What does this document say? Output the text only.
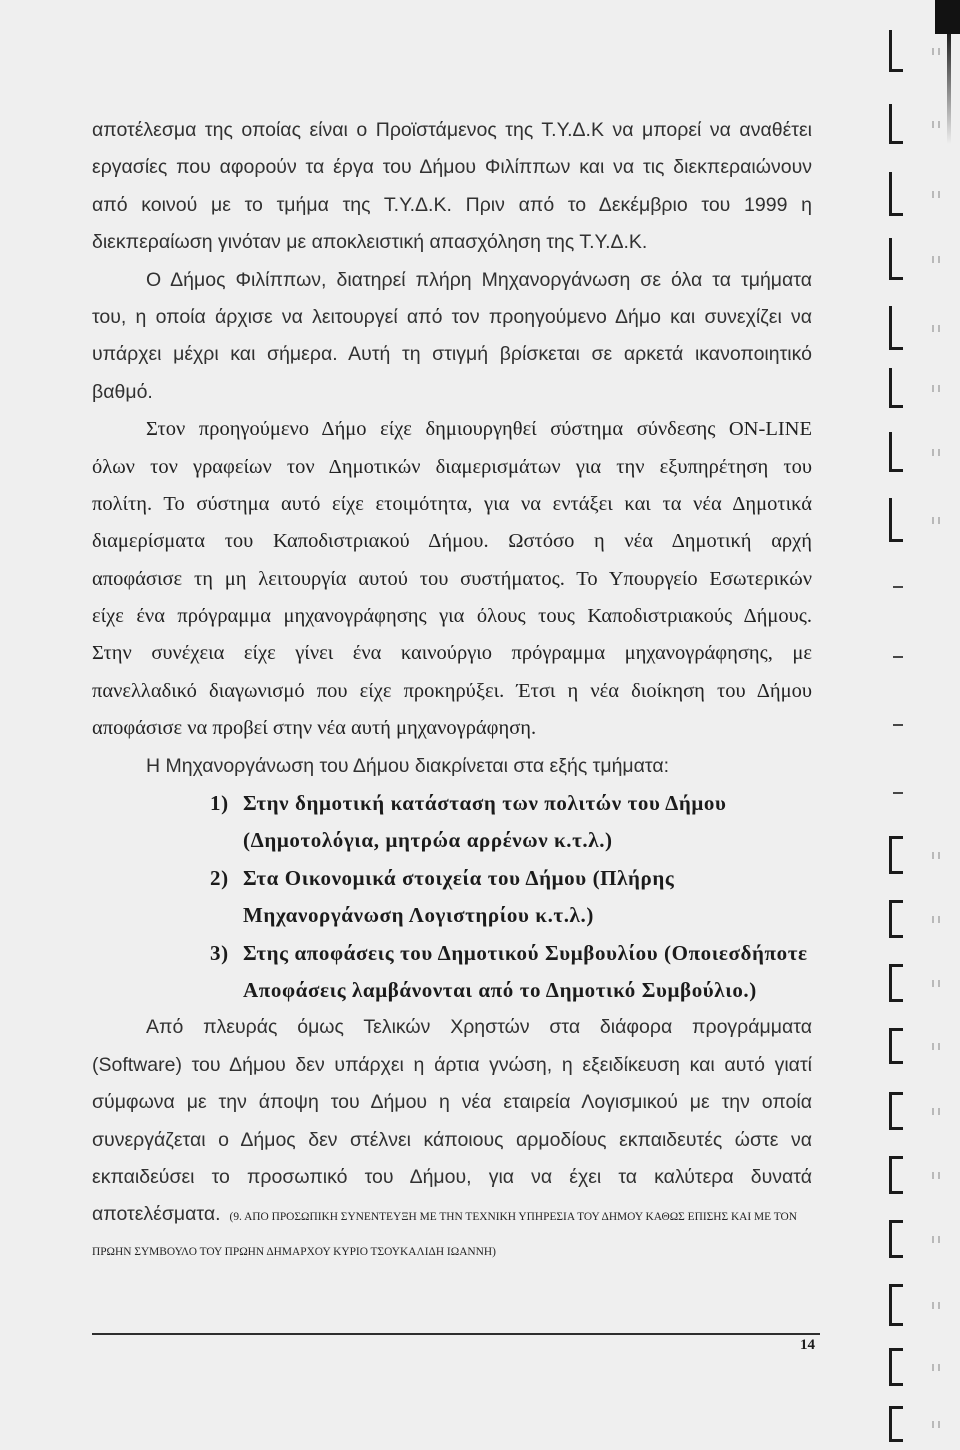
αποτέλεσμα της οποίας είναι ο Προϊστάμενος της Τ.Υ.Δ.Κ να μπορεί να αναθέτει
εργασίες που αφορούν τα έργα του Δήμου Φιλίππων και να τις διεκπεραιώνουν
από κοινού με το τμήμα της Τ.Υ.Δ.Κ. Πριν από το Δεκέμβριο του 1999 η
διεκπεραίωση γινόταν με αποκλειστική απασχόληση της Τ.Υ.Δ.Κ.
Ο Δήμος Φιλίππων, διατηρεί πλήρη Μηχανοργάνωση σε όλα τα τμήματα
του, η οποία άρχισε να λειτουργεί από τον προηγούμενο Δήμο και συνεχίζει να
υπάρχει μέχρι και σήμερα. Αυτή τη στιγμή βρίσκεται σε αρκετά ικανοποιητικό
βαθμό.
Στον προηγούμενο Δήμο είχε δημιουργηθεί σύστημα σύνδεσης ON-LINE
όλων τον γραφείων τον Δημοτικών διαμερισμάτων για την εξυπηρέτηση του
πολίτη. Το σύστημα αυτό είχε ετοιμότητα, για να εντάξει και τα νέα Δημοτικά
διαμερίσματα του Καποδιστριακού Δήμου. Ωστόσο η νέα Δημοτική αρχή
αποφάσισε τη μη λειτουργία αυτού του συστήματος. Το Υπουργείο Εσωτερικών
είχε ένα πρόγραμμα μηχανογράφησης για όλους τους Καποδιστριακούς Δήμους.
Στην συνέχεια είχε γίνει ένα καινούργιο πρόγραμμα μηχανογράφησης, με
πανελλαδικό διαγωνισμό που είχε προκηρύξει. Έτσι η νέα διοίκηση του Δήμου
αποφάσισε να προβεί στην νέα αυτή μηχανογράφηση.
Η Μηχανοργάνωση του Δήμου διακρίνεται στα εξής τμήματα:
1) Στην δημοτική κατάσταση των πολιτών του Δήμου
(Δημοτολόγια, μητρώα αρρένων κ.τ.λ.)
2) Στα Οικονομικά στοιχεία του Δήμου (Πλήρης
Μηχανοργάνωση Λογιστηρίου κ.τ.λ.)
3) Στης αποφάσεις του Δημοτικού Συμβουλίου (Οποιεσδήποτε
Αποφάσεις λαμβάνονται από το Δημοτικό Συμβούλιο.)
Από πλευράς όμως Τελικών Χρηστών στα διάφορα προγράμματα
(Software) του Δήμου δεν υπάρχει η άρτια γνώση, η εξειδίκευση και αυτό γιατί
σύμφωνα με την άποψη του Δήμου η νέα εταιρεία Λογισμικού με την οποία
συνεργάζεται ο Δήμος δεν στέλνει κάποιους αρμοδίους εκπαιδευτές ώστε να
εκπαιδεύσει το προσωπικό του Δήμου, για να έχει τα καλύτερα δυνατά
αποτελέσματα. (9. ΑΠΟ ΠΡΟΣΩΠΙΚΗ ΣΥΝΕΝΤΕΥΞΗ ΜΕ ΤΗΝ ΤΕΧΝΙΚΗ ΥΠΗΡΕΣΙΑ ΤΟΥ ΔΗΜΟΥ ΚΑΘΩΣ ΕΠΙΣΗΣ ΚΑΙ ΜΕ ΤΟΝ
ΠΡΩΗΝ ΣΥΜΒΟΥΛΟ ΤΟΥ ΠΡΩΗΝ ΔΗΜΑΡΧΟΥ ΚΥΡΙΟ ΤΣΟΥΚΑΛΙΔΗ ΙΩΑΝΝΗ)
14
